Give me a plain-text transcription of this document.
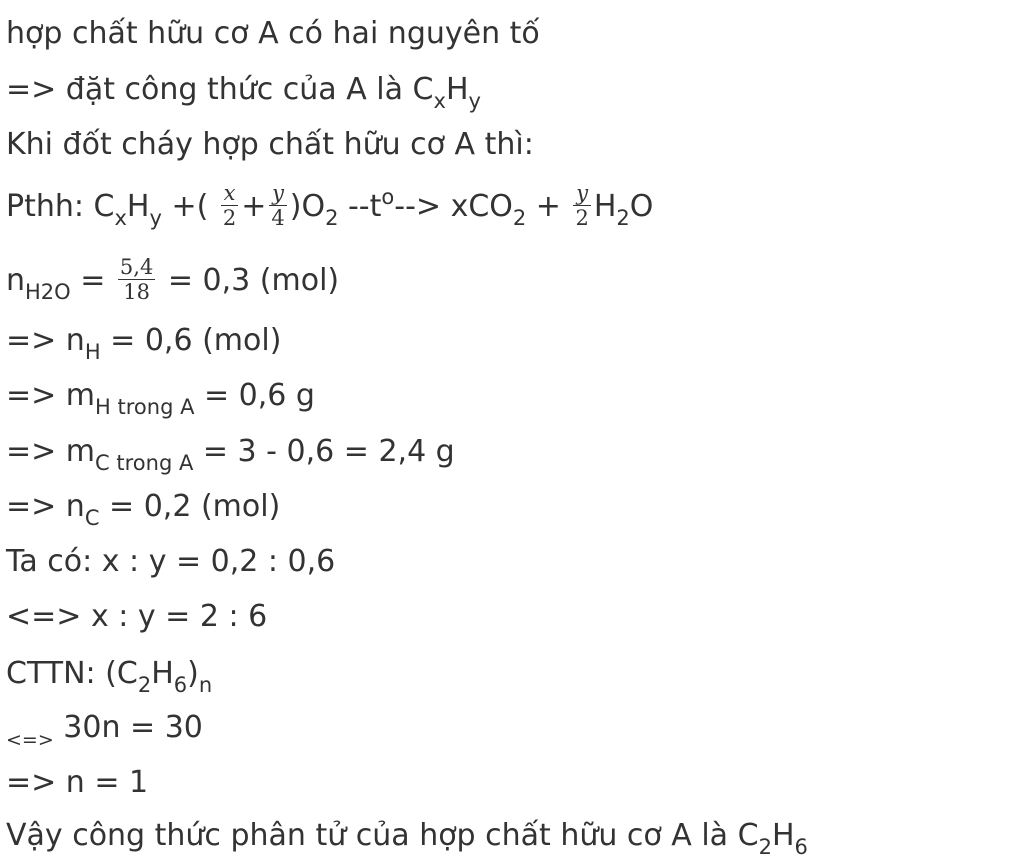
hợp chất hữu cơ A có hai nguyên tố
=> đặt công thức của A là $C_xH_y$
Khi đốt cháy hợp chất hữu cơ A thì:
Pthh: $C_xH_y$ +( $\frac{x}{2} + \frac{y}{4} )O_2$ $--t^o--> xCO_2 + \frac{y}{2} H_2O$
$n_{H2O} = \frac{5,4}{18} = 0,3$ (mol)
=> $n_H = 0,6$ (mol)
=> $m_{H trong A} = 0,6$ g
=> $m_{C trong A} = 3 - 0,6 = 2,4$ g
=> $n_C = 0,2$ (mol)
Ta có: x : y = 0,2 : 0,6
<=> x : y = 2 : 6
CTTN: $(C_2H_6)_n$
$_{<=>}$ 30n = 30
=> n = 1
Vậy công thức phân tử của hợp chất hữu cơ A là $C_2H_6$
